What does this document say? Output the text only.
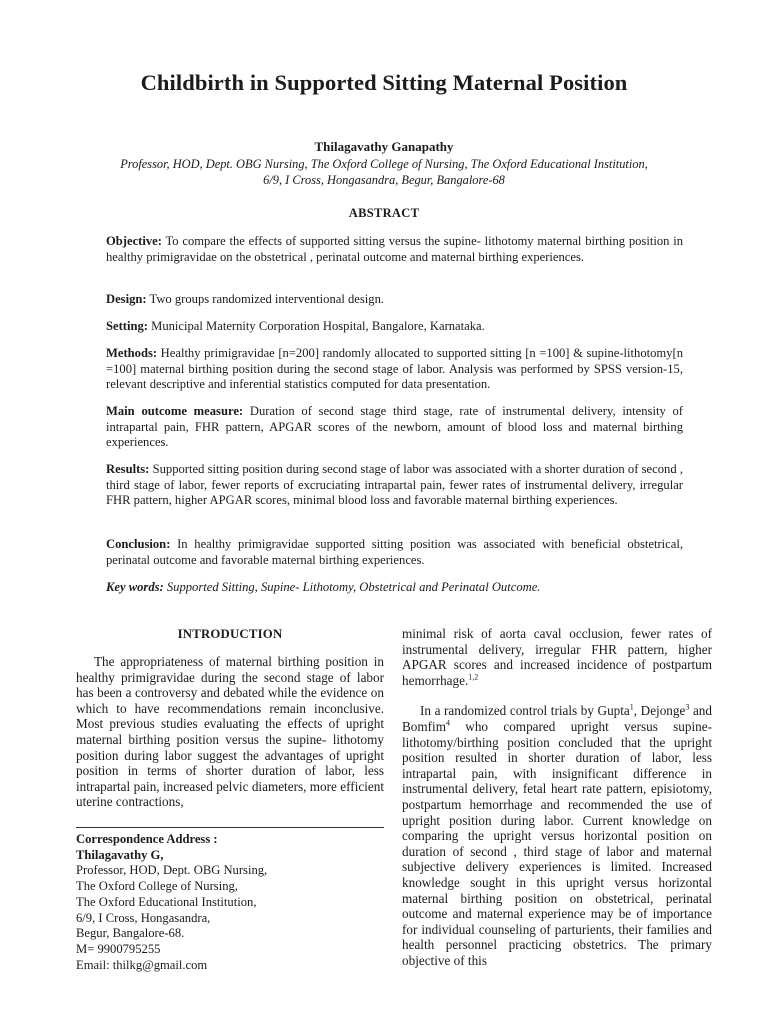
Childbirth in Supported Sitting Maternal Position
Thilagavathy Ganapathy
Professor, HOD, Dept. OBG Nursing, The Oxford College of Nursing, The Oxford Educational Institution,
6/9, I Cross, Hongasandra, Begur, Bangalore-68
ABSTRACT

Objective: To compare the effects of supported sitting versus the supine- lithotomy maternal birthing position in healthy primigravidae on the obstetrical , perinatal outcome and maternal birthing experiences.

Design: Two groups randomized interventional design.

Setting: Municipal Maternity Corporation Hospital, Bangalore, Karnataka.

Methods: Healthy primigravidae [n=200] randomly allocated to supported sitting [n =100] & supine-lithotomy[n =100] maternal birthing position during the second stage of labor. Analysis was performed by SPSS version-15, relevant descriptive and inferential statistics computed for data presentation.

Main outcome measure: Duration of second stage third stage, rate of instrumental delivery, intensity of intrapartal pain, FHR pattern, APGAR scores of the newborn, amount of blood loss and maternal birthing experiences.

Results: Supported sitting position during second stage of labor was associated with a shorter duration of second , third stage of labor, fewer reports of excruciating intrapartal pain, fewer rates of instrumental delivery, irregular FHR pattern, higher APGAR scores, minimal blood loss and favorable maternal birthing experiences.

Conclusion: In healthy primigravidae supported sitting position was associated with beneficial obstetrical, perinatal outcome and favorable maternal birthing experiences.

Key words: Supported Sitting, Supine- Lithotomy, Obstetrical and Perinatal Outcome.

INTRODUCTION

The appropriateness of maternal birthing position in healthy primigravidae during the second stage of labor has been a controversy and debated while the evidence on which to have recommendations remain inconclusive. Most previous studies evaluating the effects of upright maternal birthing position versus the supine- lithotomy position during labor suggest the advantages of upright position in terms of shorter duration of labor, less intrapartal pain, increased pelvic diameters, more efficient uterine contractions,

Correspondence Address :
Thilagavathy G,
Professor, HOD, Dept. OBG Nursing,
The Oxford College of Nursing,
The Oxford Educational Institution,
6/9, I Cross, Hongasandra,
Begur, Bangalore-68.
M= 9900795255
Email: thilkg@gmail.com

minimal risk of aorta caval occlusion, fewer rates of instrumental delivery, irregular FHR pattern, higher APGAR scores and increased incidence of postpartum hemorrhage.$^{1,2}$

In a randomized control trials by Gupta$^1$, Dejonge$^3$ and Bomfim$^4$ who compared upright versus supine-lithotomy/birthing position concluded that the upright position resulted in shorter duration of labor, less intrapartal pain, with insignificant difference in instrumental delivery, fetal heart rate pattern, episiotomy, postpartum hemorrhage and recommended the use of upright position during labor. Current knowledge on comparing the upright versus horizontal position on duration of second , third stage of labor and maternal subjective delivery experiences is limited. Increased knowledge sought in this upright versus horizontal maternal birthing position on obstetrical, perinatal outcome and maternal experience may be of importance for individual counseling of parturients, their families and health personnel practicing obstetrics. The primary objective of this
